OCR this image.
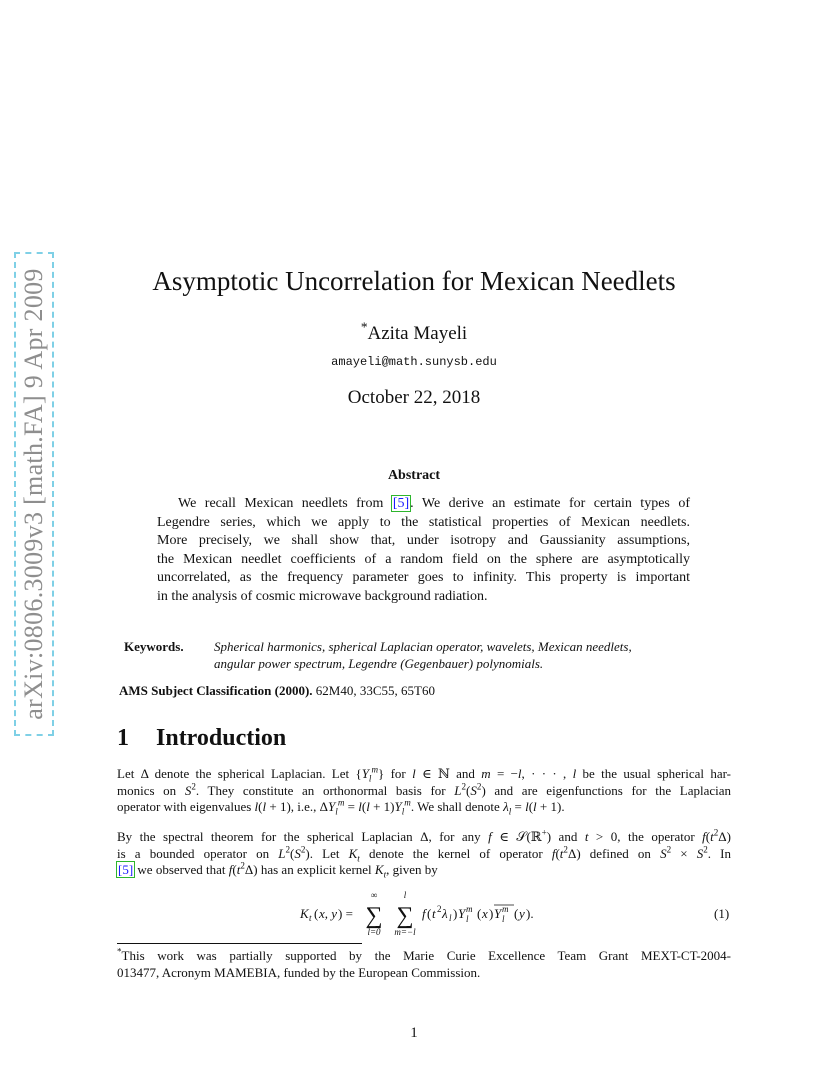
arXiv:0806.3009v3 [math.FA] 9 Apr 2009	Asymptotic Uncorrelation for Mexican Needlets
*Azita Mayeli
amayeli@math.sunysb.edu
October 22, 2018
Abstract
We recall Mexican needlets from [5]. We derive an estimate for certain types of
Legendre series, which we apply to the statistical properties of Mexican needlets.
More precisely, we shall show that, under isotropy and Gaussianity assumptions,
the Mexican needlet coefficients of a random field on the sphere are asymptotically
uncorrelated, as the frequency parameter goes to infinity. This property is important
in the analysis of cosmic microwave background radiation.
Keywords. Spherical harmonics, spherical Laplacian operator, wavelets, Mexican needlets,
angular power spectrum, Legendre (Gegenbauer) polynomials.
AMS Subject Classification (2000). 62M40, 33C55, 65T60
1 Introduction
Let Δ denote the spherical Laplacian. Let $\{Y_l^m\}$ for l ∈ ℕ and m = −l, · · · , l be the usual spherical har-
monics on $S^2$. They constitute an orthonormal basis for $L^2(S^2)$ and are eigenfunctions for the Laplacian
operator with eigenvalues l(l + 1), i.e., $\Delta Y_l^m = l(l + 1)Y_l^m$. We shall denote $\lambda_l = l(l + 1)$.
By the spectral theorem for the spherical Laplacian Δ, for any f ∈ 𝒮(ℝ+) and t > 0, the operator $f(t^2\Delta)$
is a bounded operator on $L^2(S^2)$. Let $K_t$ denote the kernel of operator $f(t^2\Delta)$ defined on $S^2 \times S^2$. In
[5] we observed that $f(t^2\Delta)$ has an explicit kernel $K_t$, given by
K t ( x, y ) =
∞
∑
l=0
l
∑
m=−l
f ( t 2 λ l ) Y m
l ( x ) Y m
l ( y ).	(1)
*This work was partially supported by the Marie Curie Excellence Team Grant MEXT-CT-2004-
013477, Acronym MAMEBIA, funded by the European Commission.
1
